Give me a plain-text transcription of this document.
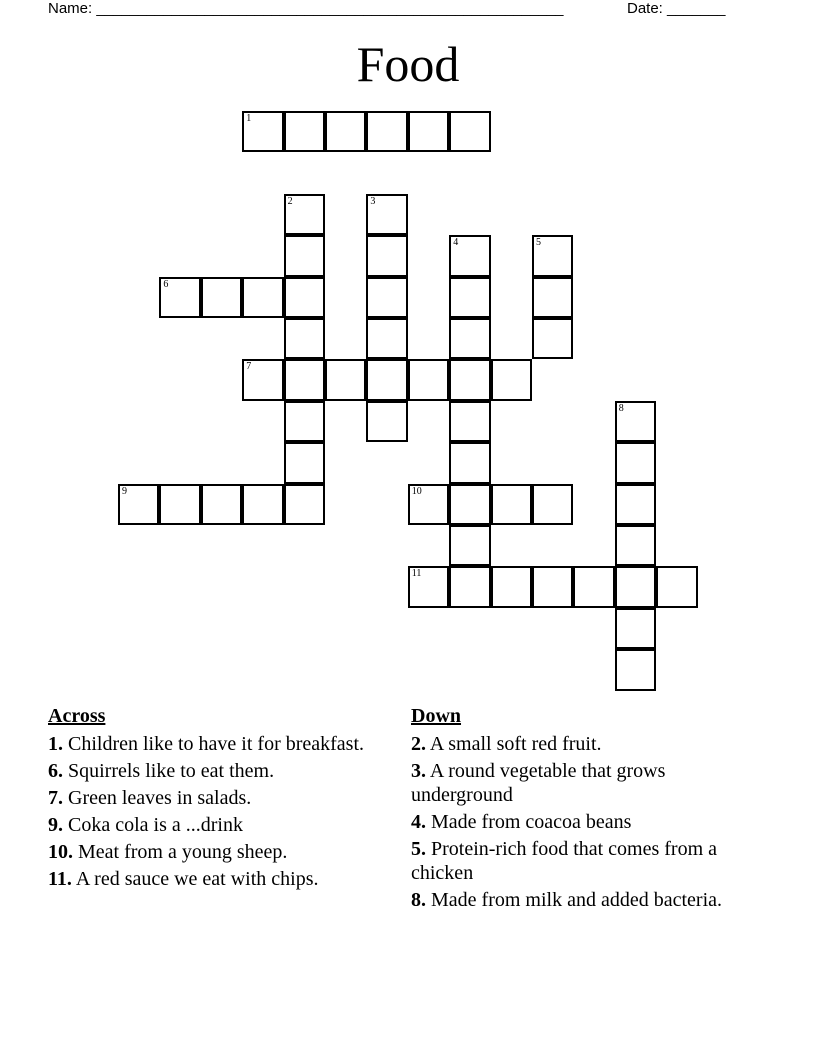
Name: ________________________________________________________	Date: _______
Food
1
2	3
4	5
6
7
8
9	10
11
Across
1. Children like to have it for breakfast.
6. Squirrels like to eat them.
7. Green leaves in salads.
9. Coka cola is a ...drink
10. Meat from a young sheep.
11. A red sauce we eat with chips.
Down
2. A small soft red fruit.
3. A round vegetable that grows underground
4. Made from coacoa beans
5. Protein-rich food that comes from a chicken
8. Made from milk and added bacteria.
